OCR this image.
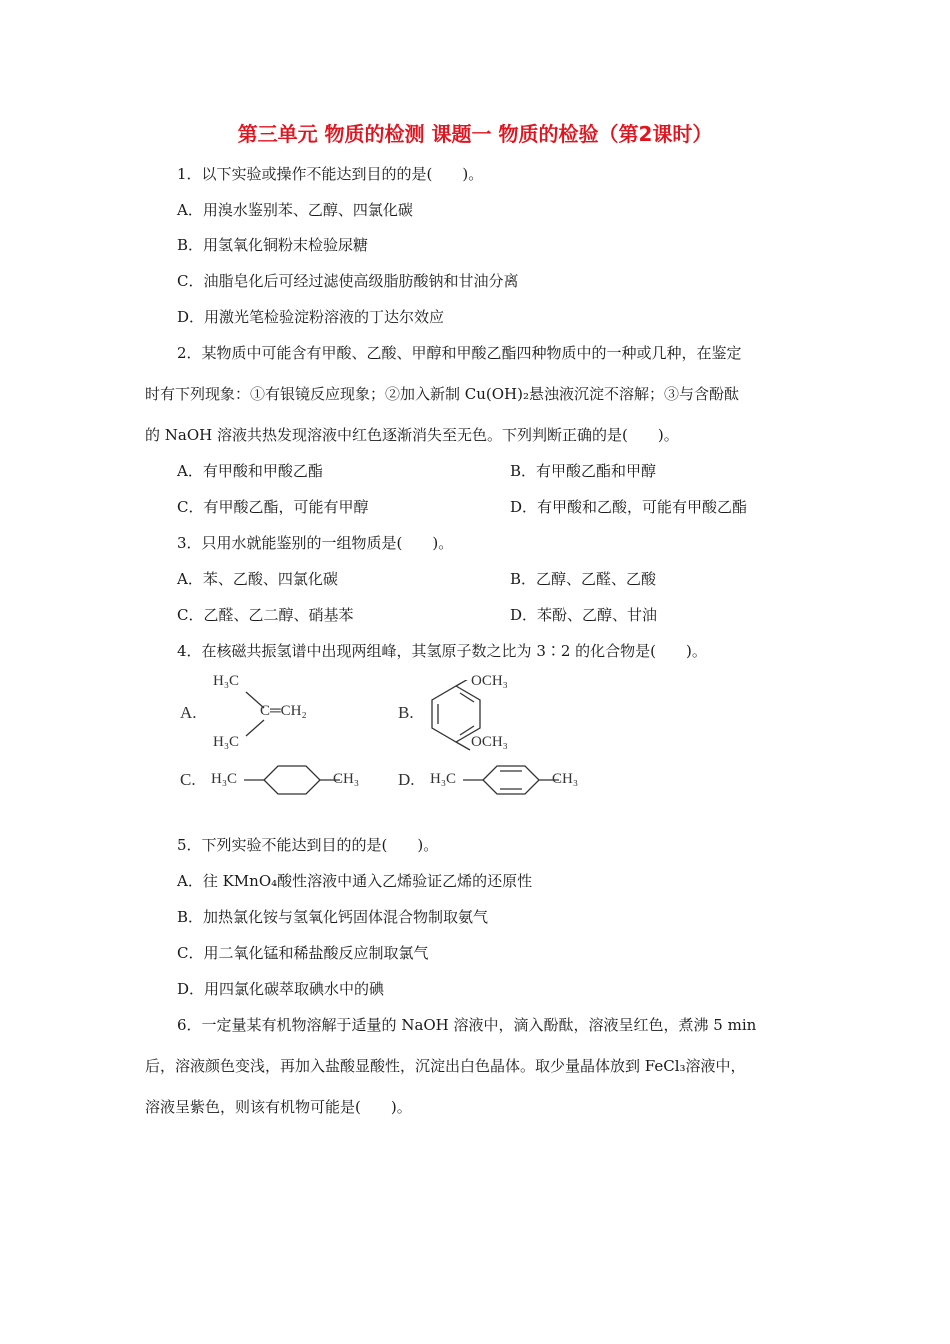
第三单元 物质的检测 课题一 物质的检验（第2课时）
1．以下实验或操作不能达到目的的是(　　)。
A．用溴水鉴别苯、乙醇、四氯化碳
B．用氢氧化铜粉末检验尿糖
C．油脂皂化后可经过滤使高级脂肪酸钠和甘油分离
D．用激光笔检验淀粉溶液的丁达尔效应
2．某物质中可能含有甲酸、乙酸、甲醇和甲酸乙酯四种物质中的一种或几种，在鉴定
时有下列现象：①有银镜反应现象；②加入新制 Cu(OH)₂悬浊液沉淀不溶解；③与含酚酞
的 NaOH 溶液共热发现溶液中红色逐渐消失至无色。下列判断正确的是(　　)。
A．有甲酸和甲酸乙酯	B．有甲酸乙酯和甲醇
C．有甲酸乙酯，可能有甲醇	D．有甲酸和乙酸，可能有甲酸乙酯
3．只用水就能鉴别的一组物质是(　　)。
A．苯、乙酸、四氯化碳	B．乙醇、乙醛、乙酸
C．乙醛、乙二醇、硝基苯	D．苯酚、乙醇、甘油
4．在核磁共振氢谱中出现两组峰，其氢原子数之比为 3∶2 的化合物是(　　)。
A.
H₃C
H₃C
C═CH₂	B.
OCH₃
OCH₃
C. H₃C	CH₃ D. H₃C	CH₃
5．下列实验不能达到目的的是(　　)。
A．往 KMnO₄酸性溶液中通入乙烯验证乙烯的还原性
B．加热氯化铵与氢氧化钙固体混合物制取氨气
C．用二氧化锰和稀盐酸反应制取氯气
D．用四氯化碳萃取碘水中的碘
6．一定量某有机物溶解于适量的 NaOH 溶液中，滴入酚酞，溶液呈红色，煮沸 5 min
后，溶液颜色变浅，再加入盐酸显酸性，沉淀出白色晶体。取少量晶体放到 FeCl₃溶液中，
溶液呈紫色，则该有机物可能是(　　)。
